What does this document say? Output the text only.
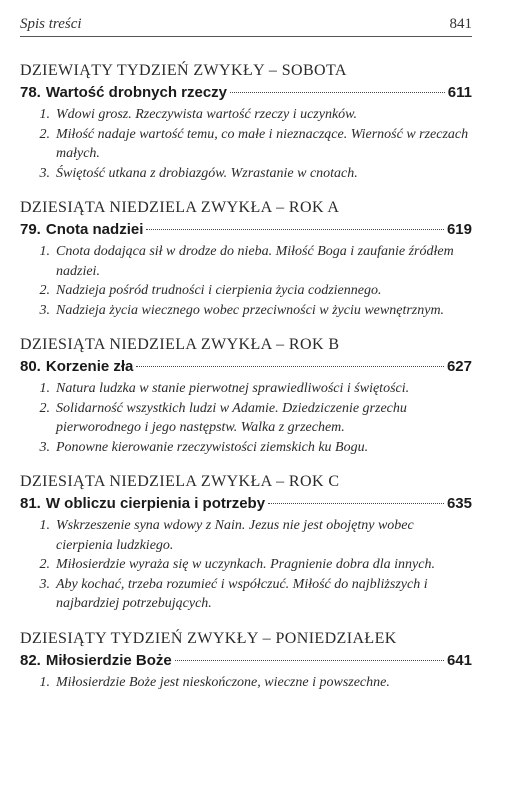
Spis treści	841
DZIEWIĄTY TYDZIEŃ ZWYKŁY – SOBOTA
78. Wartość drobnych rzeczy	611
1. Wdowi grosz. Rzeczywista wartość rzeczy i uczynków.
2. Miłość nadaje wartość temu, co małe i nieznaczące. Wierność w rzeczach małych.
3. Świętość utkana z drobiazgów. Wzrastanie w cnotach.
DZIESIĄTA NIEDZIELA ZWYKŁA – ROK A
79. Cnota nadziei	619
1. Cnota dodająca sił w drodze do nieba. Miłość Boga i zaufanie źródłem nadziei.
2. Nadzieja pośród trudności i cierpienia życia codziennego.
3. Nadzieja życia wiecznego wobec przeciwności w życiu wewnętrznym.
DZIESIĄTA NIEDZIELA ZWYKŁA – ROK B
80. Korzenie zła	627
1. Natura ludzka w stanie pierwotnej sprawiedliwości i świętości.
2. Solidarność wszystkich ludzi w Adamie. Dziedziczenie grzechu pierworodnego i jego następstw. Walka z grzechem.
3. Ponowne kierowanie rzeczywistości ziemskich ku Bogu.
DZIESIĄTA NIEDZIELA ZWYKŁA – ROK C
81. W obliczu cierpienia i potrzeby	635
1. Wskrzeszenie syna wdowy z Nain. Jezus nie jest obojętny wobec cierpienia ludzkiego.
2. Miłosierdzie wyraża się w uczynkach. Pragnienie dobra dla innych.
3. Aby kochać, trzeba rozumieć i współczuć. Miłość do najbliższych i najbardziej potrzebujących.
DZIESIĄTY TYDZIEŃ ZWYKŁY – PONIEDZIAŁEK
82. Miłosierdzie Boże	641
1. Miłosierdzie Boże jest nieskończone, wieczne i powszechne.
